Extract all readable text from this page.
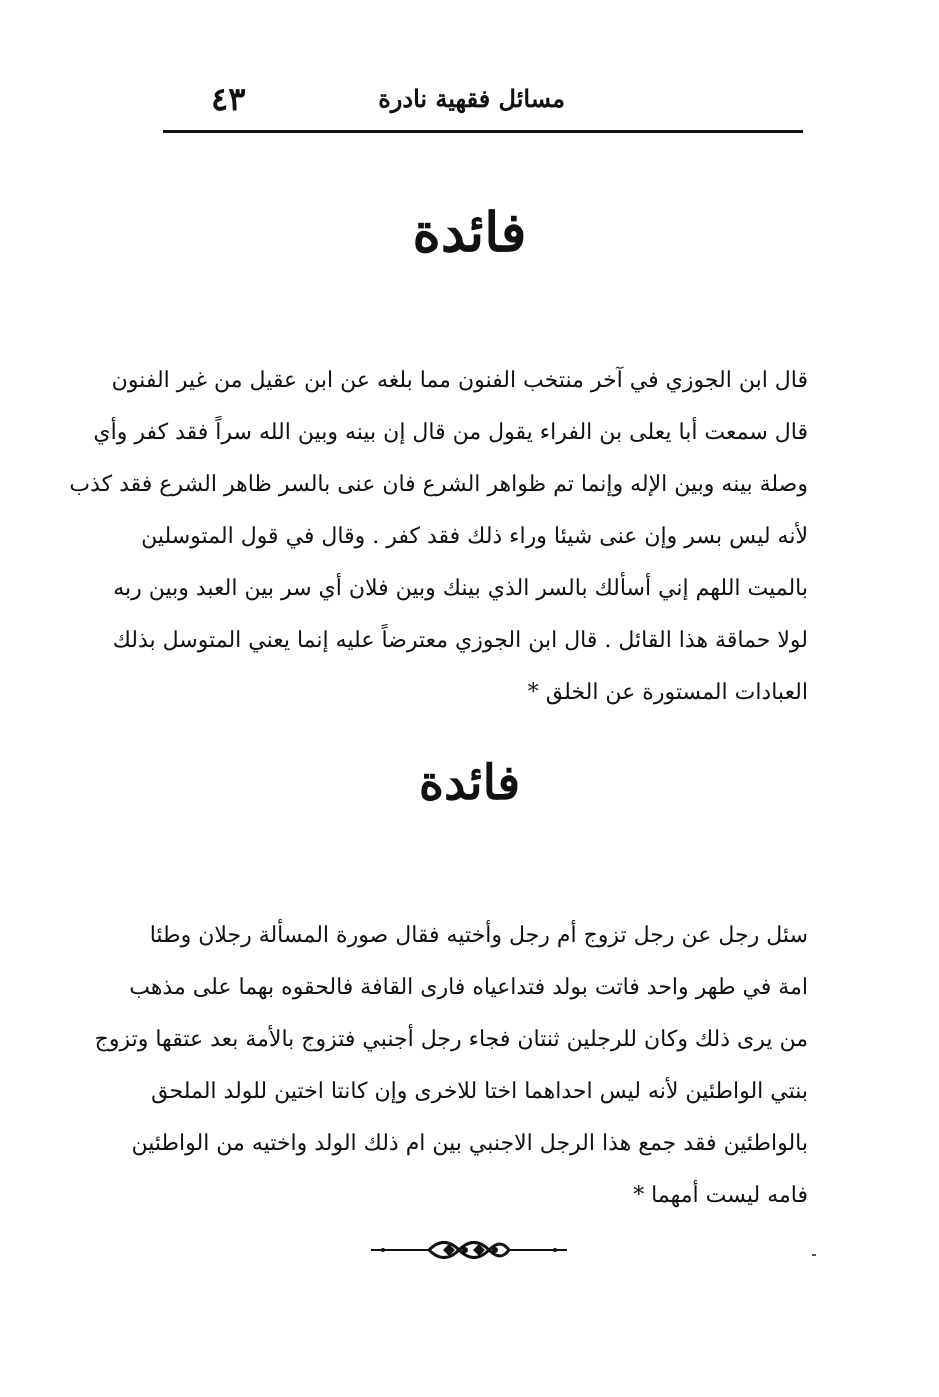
مسائل فقهية نادرة
٤٣
فائدة
قال ابن الجوزي في آخر منتخب الفنون مما بلغه عن ابن عقيل من غير الفنون
قال سمعت أبا يعلى بن الفراء يقول من قال إن بينه وبين الله سراً فقد كفر وأي
وصلة بينه وبين الإله وإنما تم ظواهر الشرع فان عنى بالسر ظاهر الشرع فقد كذب
لأنه ليس بسر وإن عنى شيئا وراء ذلك فقد كفر . وقال في قول المتوسلين
بالميت اللهم إني أسألك بالسر الذي بينك وبين فلان أي سر بين العبد وبين ربه
لولا حماقة هذا القائل . قال ابن الجوزي معترضاً عليه إنما يعني المتوسل بذلك
العبادات المستورة عن الخلق *
فائدة
سئل رجل عن رجل تزوج أم رجل وأختيه فقال صورة المسألة رجلان وطئا
امة في طهر واحد فاتت بولد فتداعياه فارى القافة فالحقوه بهما على مذهب
من يرى ذلك وكان للرجلين ثنتان فجاء رجل أجنبي فتزوج بالأمة بعد عتقها وتزوج
بنتي الواطئين لأنه ليس احداهما اختا للاخرى وإن كانتا اختين للولد الملحق
بالواطئين فقد جمع هذا الرجل الاجنبي بين ام ذلك الولد واختيه من الواطئين
فامه ليست أمهما *
